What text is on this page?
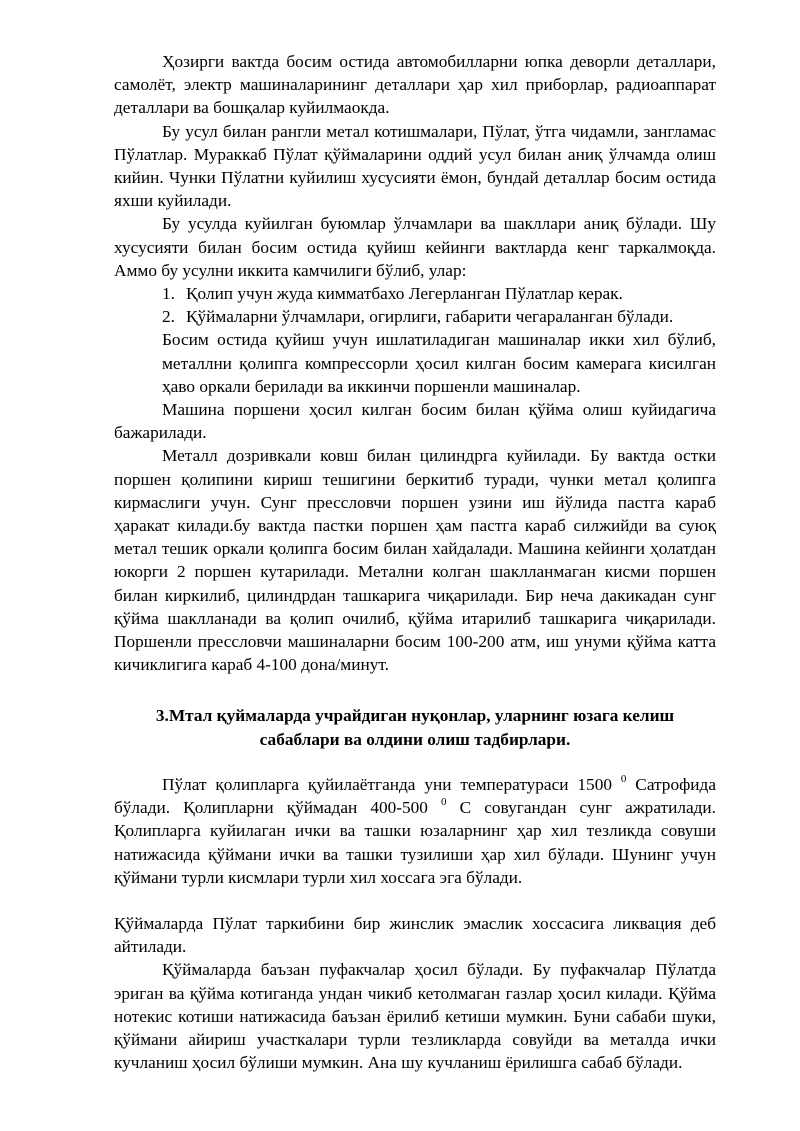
Ҳозирги вактда босим остида автомобилларни юпка деворли деталлари, самолёт, электр машиналарининг деталлари ҳар хил приборлар, радиоаппарат деталлари ва бошқалар куйилмаокда.

Бу усул билан рангли метал котишмалари, Пўлат, ўтга чидамли, зангламас Пўлатлар. Мураккаб Пўлат қўймаларини оддий усул билан аниқ ўлчамда олиш кийин. Чунки Пўлатни куйилиш хусусияти ёмон, бундай деталлар босим остида яхши куйилади.

Бу усулда куйилган буюмлар ўлчамлари ва шакллари аниқ бўлади. Шу хусусияти билан босим остида қуйиш кейинги вактларда кенг таркалмоқда. Аммо бу усулни иккита камчилиги бўлиб, улар:

1. Қолип учун жуда кимматбахо Легерланган Пўлатлар керак.
2. Қўймаларни ўлчамлари, огирлиги, габарити чегараланган бўлади.

Босим остида қуйиш учун ишлатиладиган машиналар икки хил бўлиб, металлни қолипга компрессорли ҳосил килган босим камерага кисилган ҳаво оркали берилади ва иккинчи поршенли машиналар.

Машина поршени ҳосил килган босим билан қўйма олиш куйидагича бажарилади.

Металл дозривкали ковш билан цилиндрга куйилади. Бу вактда остки поршен қолипини кириш тешигини беркитиб туради, чунки метал қолипга кирмаслиги учун. Сунг прессловчи поршен узини иш йўлида пастга караб ҳаракат килади.бу вактда пастки поршен ҳам пастга караб силжийди ва суюқ метал тешик оркали қолипга босим билан хайдалади. Машина кейинги ҳолатдан юкорги 2 поршен кутарилади. Метални колган шаклланмаган кисми поршен билан киркилиб, цилиндрдан ташкарига чиқарилади. Бир неча дакикадан сунг қўйма шаклланади ва қолип очилиб, қўйма итарилиб ташкарига чиқарилади. Поршенли прессловчи машиналарни босим 100-200 атм, иш унуми қўйма катта кичиклигига караб 4-100 дона/минут.

3.Мтал қуймаларда учрайдиган нуқонлар, уларнинг юзага келиш сабаблари ва олдини олиш тадбирлари.

Пўлат қолипларга қуйилаётганда уни температураси 1500 $^0$ Сатрофида бўлади. Қолипларни қўймадан 400-500 $^0$ С совугандан сунг ажратилади. Қолипларга куйилаган ички ва ташки юзаларнинг ҳар хил тезликда совуши натижасида қўймани ички ва ташки тузилиши ҳар хил бўлади. Шунинг учун қўймани турли кисмлари турли хил хоссага эга бўлади.

Қўймаларда Пўлат таркибини бир жинслик эмаслик хоссасига ликвация деб айтилади.

Қўймаларда баъзан пуфакчалар ҳосил бўлади. Бу пуфакчалар Пўлатда эриган ва қўйма котиганда ундан чикиб кетолмаган газлар ҳосил килади. Қўйма нотекис котиши натижасида баъзан ёрилиб кетиши мумкин. Буни сабаби шуки, қўймани айириш участкалари турли тезликларда совуйди ва металда ички кучланиш ҳосил бўлиши мумкин. Ана шу кучланиш ёрилишга сабаб бўлади.
